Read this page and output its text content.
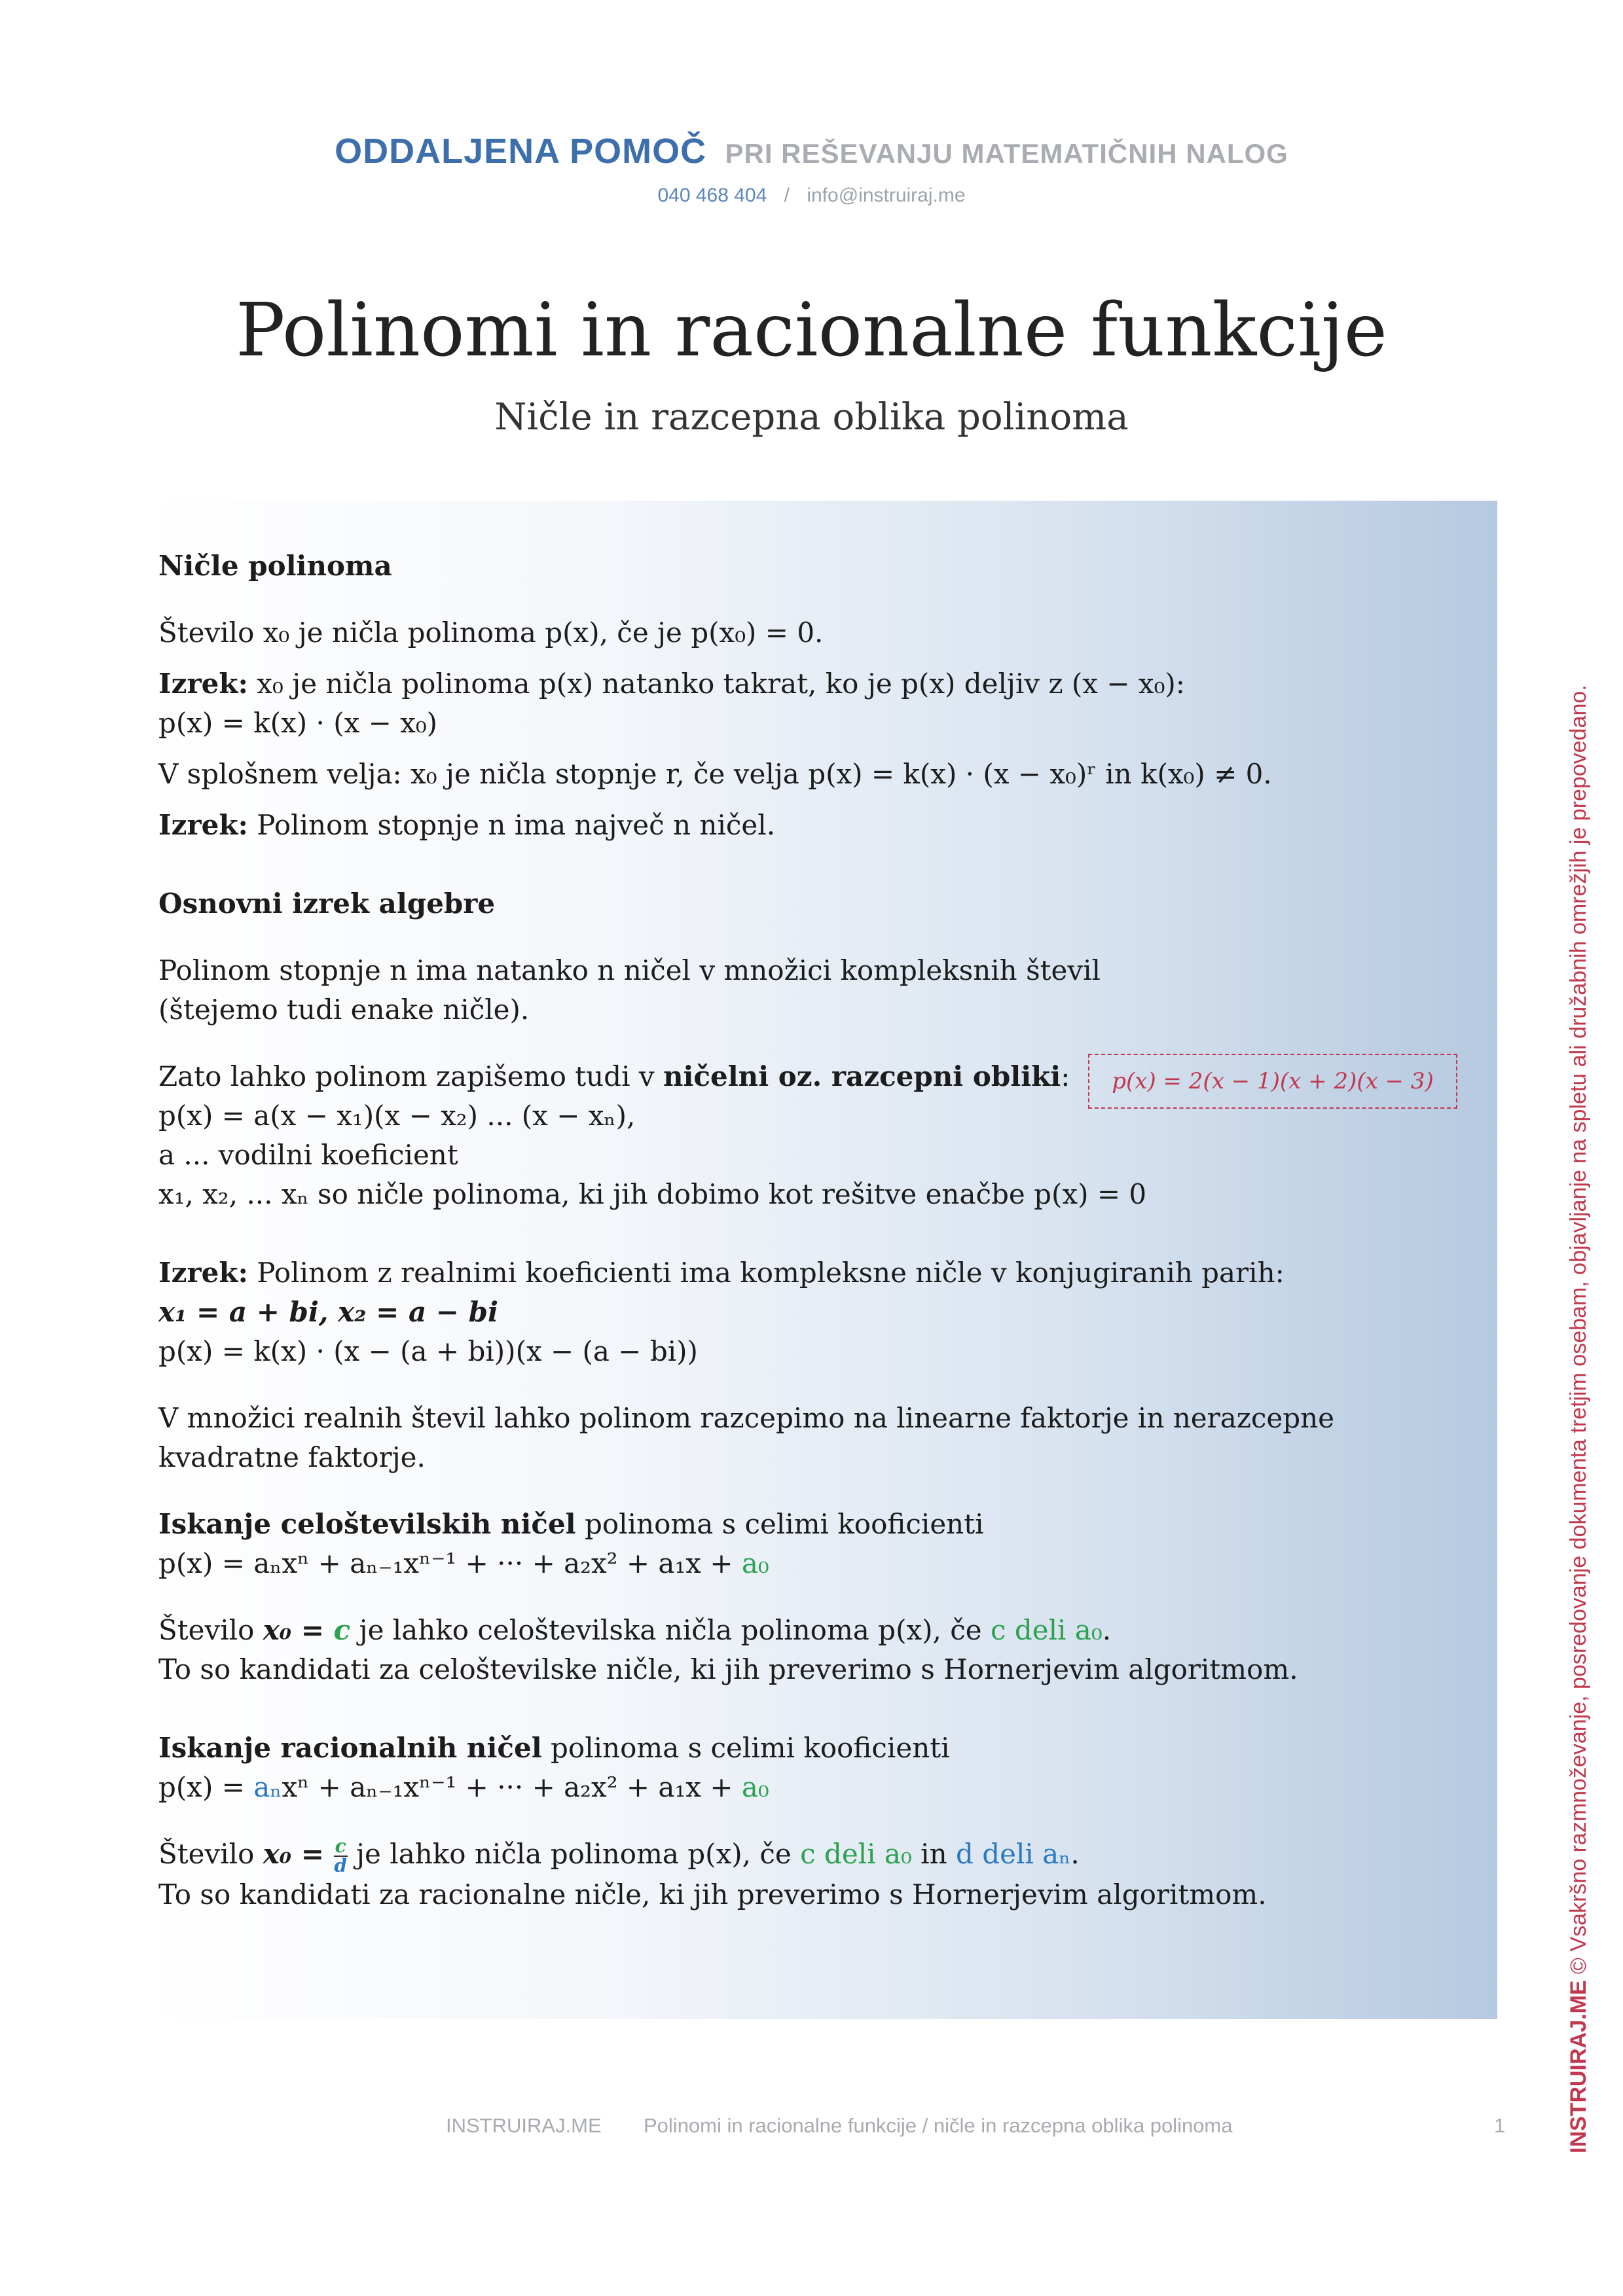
ODDALJENA POMOČ PRI REŠEVANJU MATEMATIČNIH NALOG
040 468 404 / info@instruiraj.me
Polinomi in racionalne funkcije
Ničle in razcepna oblika polinoma

Ničle polinoma

Število x₀ je ničla polinoma p(x), če je p(x₀) = 0.

Izrek: x₀ je ničla polinoma p(x) natanko takrat, ko je p(x) deljiv z (x − x₀):

p(x) = k(x) · (x − x₀)

V splošnem velja: x₀ je ničla stopnje r, če velja p(x) = k(x) · (x − x₀)ʳ in k(x₀) ≠ 0.

Izrek: Polinom stopnje n ima največ n ničel.

Osnovni izrek algebre

Polinom stopnje n ima natanko n ničel v množici kompleksnih števil

(štejemo tudi enake ničle).

Zato lahko polinom zapišemo tudi v ničelni oz. razcepni obliki:

p(x) = a(x − x₁)(x − x₂) ... (x − xₙ),

a ... vodilni koeficient

x₁, x₂, ... xₙ so ničle polinoma, ki jih dobimo kot rešitve enačbe p(x) = 0

Izrek: Polinom z realnimi koeficienti ima kompleksne ničle v konjugiranih parih:

x₁ = a + bi, x₂ = a − bi

p(x) = k(x) · (x − (a + bi))(x − (a − bi))

V množici realnih števil lahko polinom razcepimo na linearne faktorje in nerazcepne

kvadratne faktorje.

Iskanje celoštevilskih ničel polinoma s celimi kooficienti

p(x) = aₙxⁿ + aₙ₋₁xⁿ⁻¹ + ··· + a₂x² + a₁x + a₀

Število x₀ = c je lahko celoštevilska ničla polinoma p(x), če c deli a₀.

To so kandidati za celoštevilske ničle, ki jih preverimo s Hornerjevim algoritmom.

Iskanje racionalnih ničel polinoma s celimi kooficienti

p(x) = aₙxⁿ + aₙ₋₁xⁿ⁻¹ + ··· + a₂x² + a₁x + a₀

Število $x_0 = \frac{c}{d}$ je lahko ničla polinoma p(x), če c deli a₀ in d deli aₙ.

To so kandidati za racionalne ničle, ki jih preverimo s Hornerjevim algoritmom.

p(x) = 2(x − 1)(x + 2)(x − 3)
INSTRUIRAJ.ME © Vsakršno razmnoževanje, posredovanje dokumenta tretjim osebam, objavljanje na spletu ali družabnih omrežjih je prepovedano.
INSTRUIRAJ.ME Polinomi in racionalne funkcije / ničle in razcepna oblika polinoma	1
